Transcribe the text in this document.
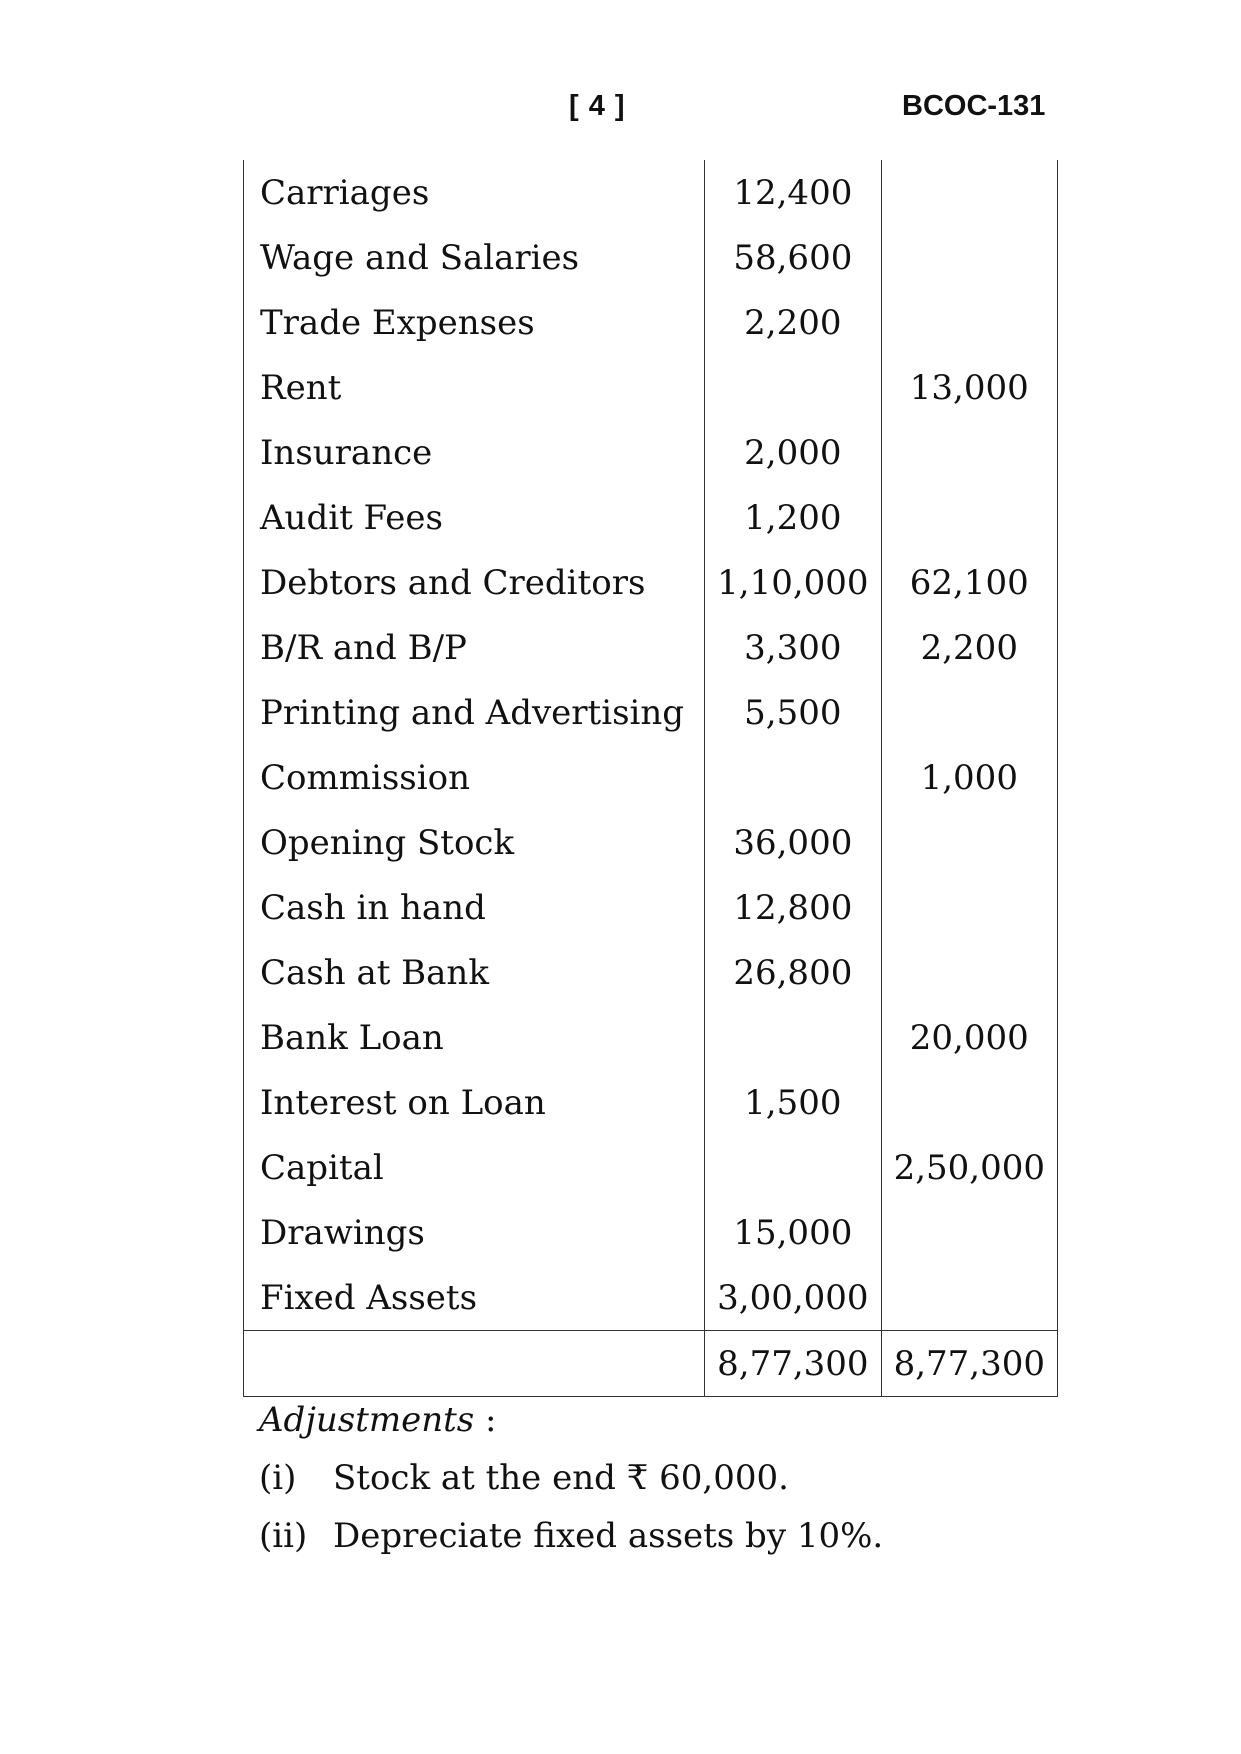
[ 4 ]	BCOC-131
Carriages	12,400	
Wage and Salaries	58,600	
Trade Expenses	2,200	
Rent		13,000
Insurance	2,000	
Audit Fees	1,200	
Debtors and Creditors	1,10,000	62,100
B/R and B/P	3,300	2,200
Printing and Advertising	5,500	
Commission		1,000
Opening Stock	36,000	
Cash in hand	12,800	
Cash at Bank	26,800	
Bank Loan		20,000
Interest on Loan	1,500	
Capital		2,50,000
Drawings	15,000	
Fixed Assets	3,00,000	
	8,77,300	8,77,300
Adjustments :
(i)	Stock at the end ₹ 60,000.
(ii) Depreciate fixed assets by 10%.
